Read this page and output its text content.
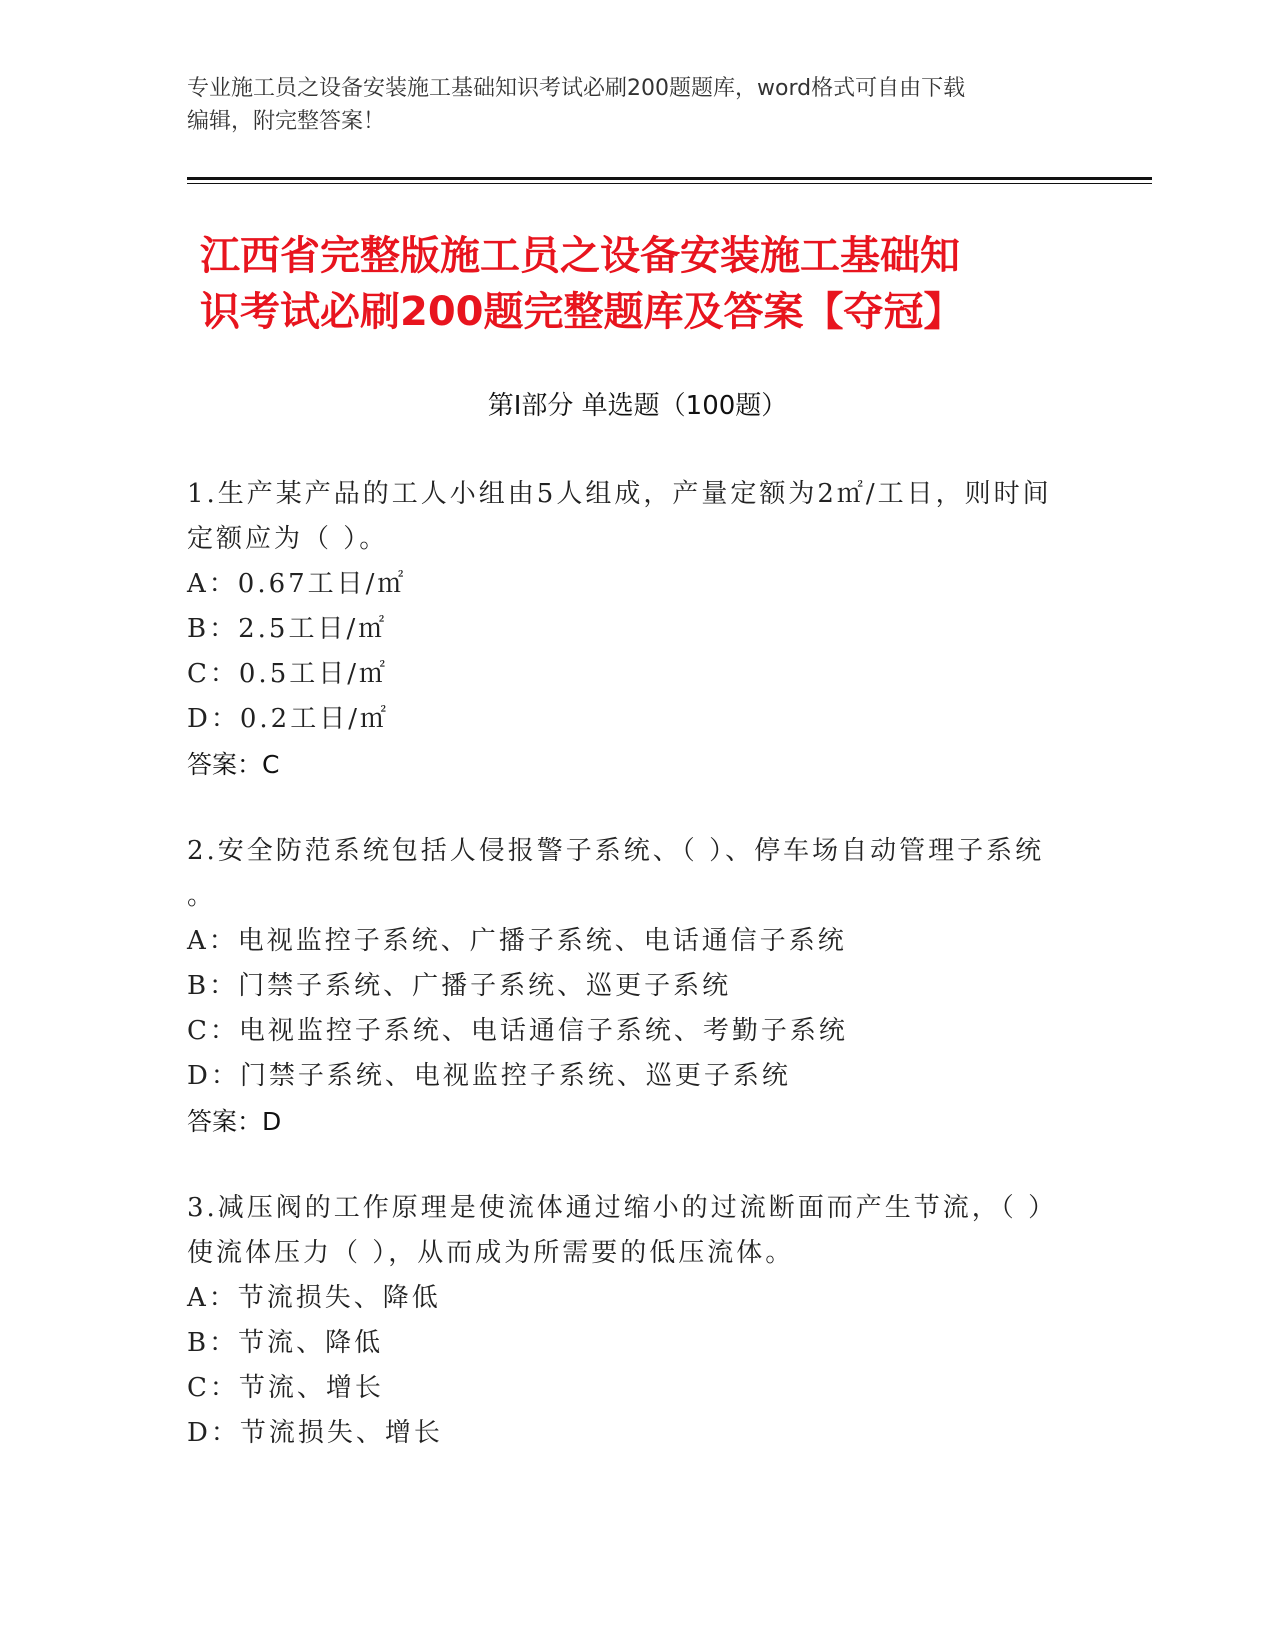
专业施工员之设备安装施工基础知识考试必刷200题题库，word格式可自由下载
编辑，附完整答案！
江西省完整版施工员之设备安装施工基础知
识考试必刷200题完整题库及答案【夺冠】
第Ⅰ部分 单选题（100题）
1.生产某产品的工人小组由5人组成，产量定额为2㎡/工日，则时间
定额应为（ ）。
A：0.67工日/㎡
B：2.5工日/㎡
C：0.5工日/㎡
D：0.2工日/㎡
答案：C
2.安全防范系统包括人侵报警子系统、（ ）、停车场自动管理子系统
。
A：电视监控子系统、广播子系统、电话通信子系统
B：门禁子系统、广播子系统、巡更子系统
C：电视监控子系统、电话通信子系统、考勤子系统
D：门禁子系统、电视监控子系统、巡更子系统
答案：D
3.减压阀的工作原理是使流体通过缩小的过流断面而产生节流，（ ）
使流体压力（ ），从而成为所需要的低压流体。
A：节流损失、降低
B：节流、降低
C：节流、增长
D：节流损失、增长
